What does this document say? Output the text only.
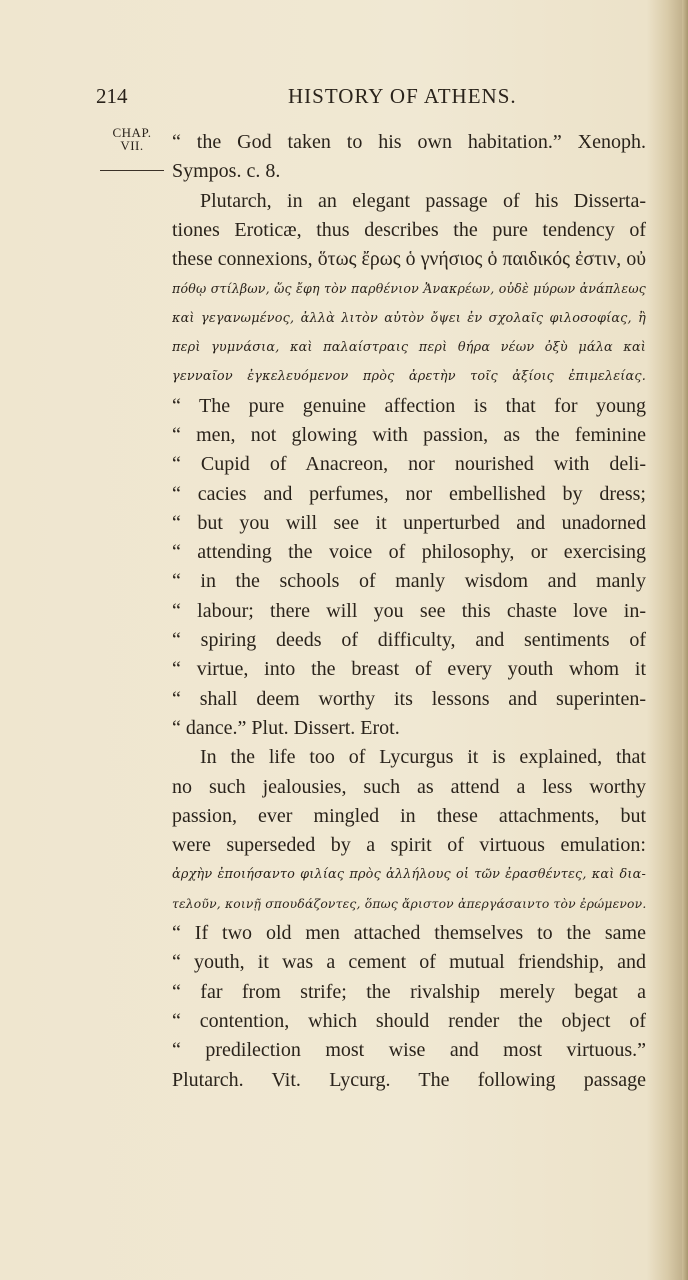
214	HISTORY OF ATHENS.
CHAP.
VII.	“ the God taken to his own habitation.” Xenoph.
Sympos. c. 8.
Plutarch, in an elegant passage of his Disserta-
tiones Eroticæ, thus describes the pure tendency of
these connexions, ὅτως ἔρως ὁ γνήσιος ὁ παιδικός ἐστιν, οὐ
πόθῳ στίλβων, ὥς ἔφη τὸν παρθένιον Ἀνακρέων, οὐδὲ μύρων ἀνάπλεως
καὶ γεγανωμένος, ἀλλὰ λιτὸν αὐτὸν ὄψει ἐν σχολαῖς φιλοσοφίας, ἢ
περὶ γυμνάσια, καὶ παλαίστραις περὶ θήρα νέων ὀξὺ μάλα καὶ
γενναῖον ἐγκελευόμενον πρὸς ἀρετὴν τοῖς ἀξίοις ἐπιμελείας.
“ The pure genuine affection is that for young
“ men, not glowing with passion, as the feminine
“ Cupid of Anacreon, nor nourished with deli-
“ cacies and perfumes, nor embellished by dress;
“ but you will see it unperturbed and unadorned
“ attending the voice of philosophy, or exercising
“ in the schools of manly wisdom and manly
“ labour; there will you see this chaste love in-
“ spiring deeds of difficulty, and sentiments of
“ virtue, into the breast of every youth whom it
“ shall deem worthy its lessons and superinten-
“ dance.” Plut. Dissert. Erot.
In the life too of Lycurgus it is explained, that
no such jealousies, such as attend a less worthy
passion, ever mingled in these attachments, but
were superseded by a spirit of virtuous emulation:
ἀρχὴν ἐποιήσαντο φιλίας πρὸς ἀλλήλους οἱ τῶν ἐρασθέντες, καὶ δια-
τελοῦν, κοινῇ σπουδάζοντες, ὅπως ἄριστον ἀπεργάσαιντο τὸν ἐρώμενον.
“ If two old men attached themselves to the same
“ youth, it was a cement of mutual friendship, and
“ far from strife; the rivalship merely begat a
“ contention, which should render the object of
“ predilection most wise and most virtuous.”
Plutarch. Vit. Lycurg. The following passage
